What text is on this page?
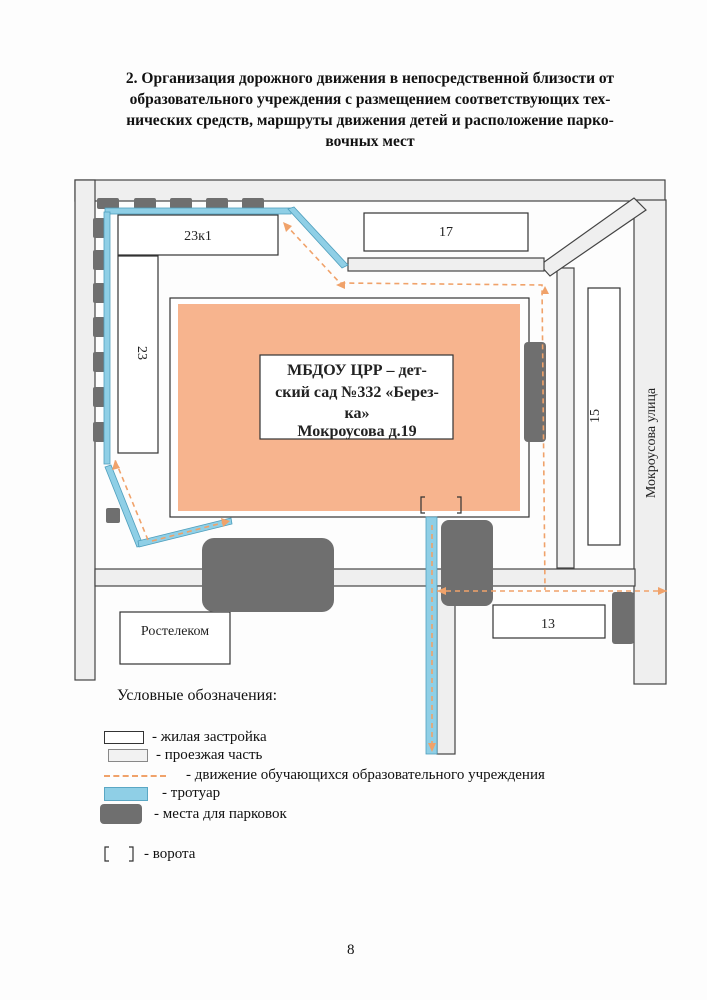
2. Организация дорожного движения в непосредственной близости от
образовательного учреждения с размещением соответствующих тех-
нических средств, маршруты движения детей и расположение парко-
вочных мест
МБДОУ ЦРР – дет-
ский сад №332 «Берез-
ка»
Мокроусова д.19
23к1	17
23
15
13
Ростелеком
Мокроусова улица
Условные обозначения:
- жилая застройка
- проезжая часть
- движение обучающихся образовательного учреждения
- тротуар
- места для парковок
- ворота
8
